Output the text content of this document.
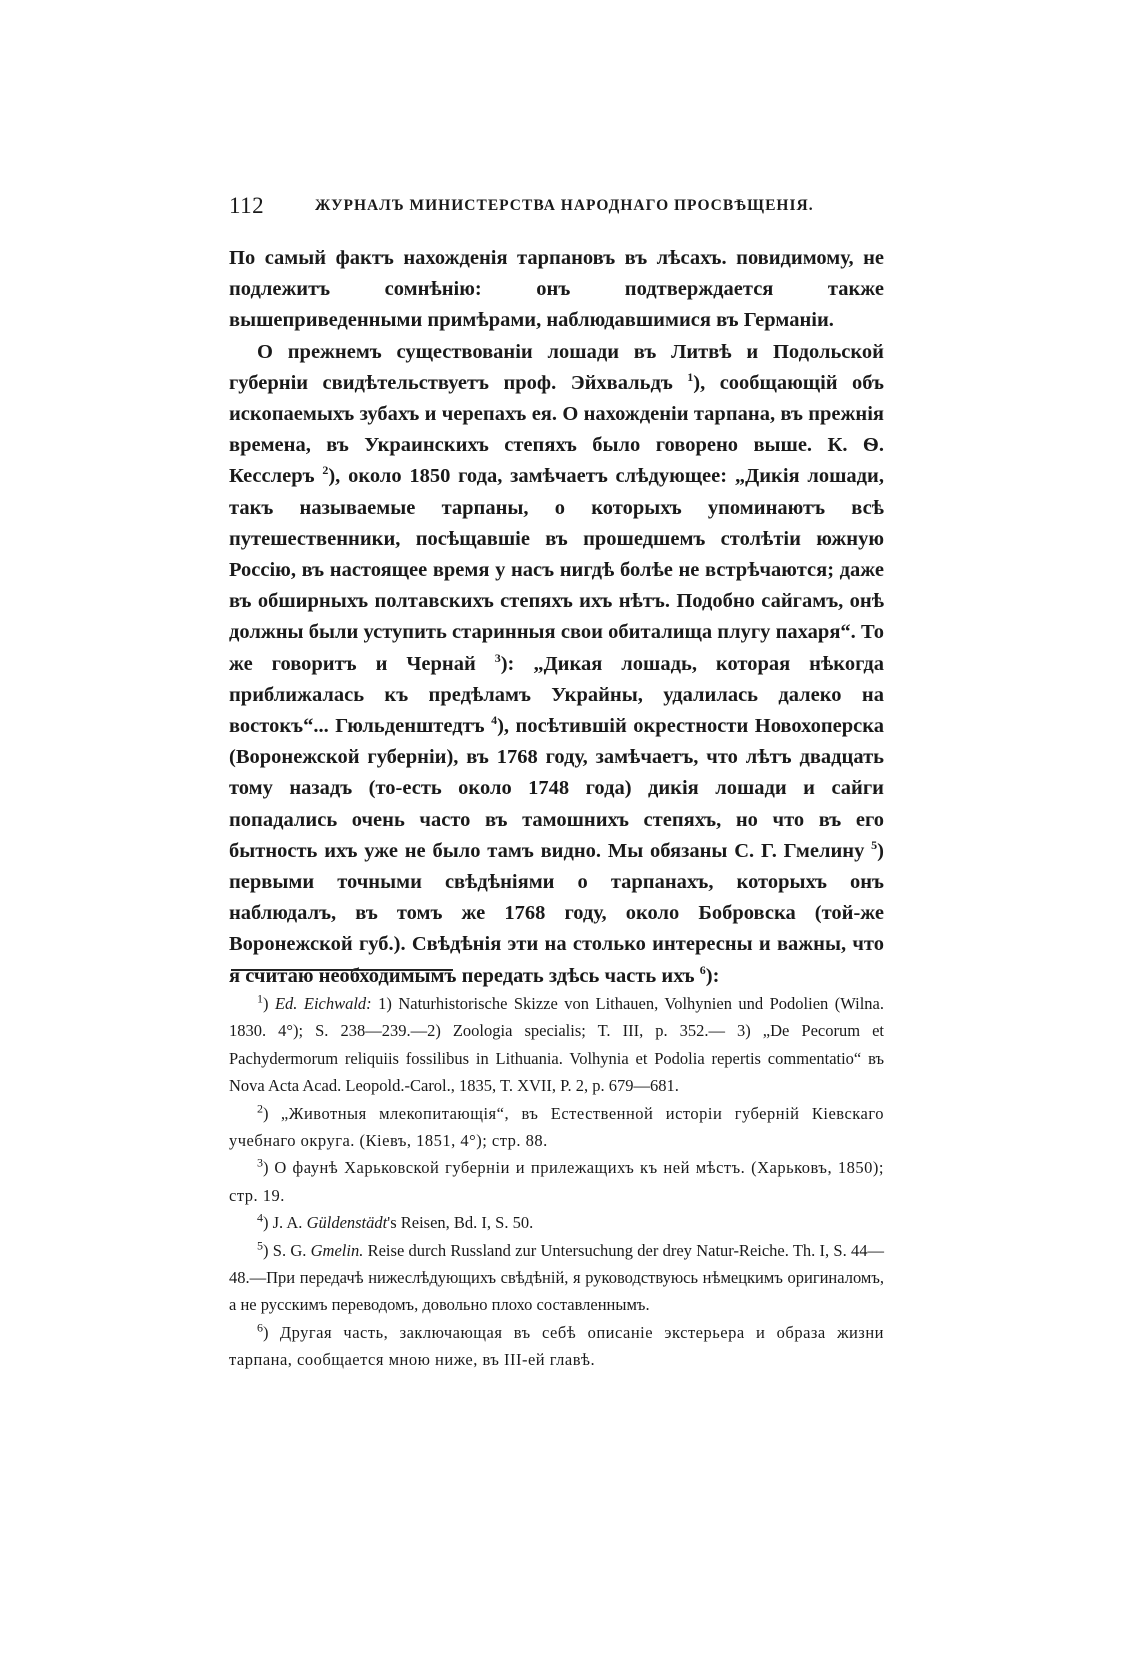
112	ЖУРНАЛЪ МИНИСТЕРСТВА НАРОДНАГО ПРОСВѢЩЕНІЯ.

По самый фактъ нахожденія тарпановъ въ лѣсахъ. повидимому, не подлежитъ сомнѣнію: онъ подтверждается также вышеприведенными примѣрами, наблюдавшимися въ Германіи.

О прежнемъ существованіи лошади въ Литвѣ и Подольской губерніи свидѣтельствуетъ проф. Эйхвальдъ $^1$), сообщающій объ ископаемыхъ зубахъ и черепахъ ея. О нахожденіи тарпана, въ прежнія времена, въ Украинскихъ степяхъ было говорено выше. К. Ѳ. Кесслеръ $^2$), около 1850 года, замѣчаетъ слѣдующее: „Дикія лошади, такъ называемые тарпаны, о которыхъ упоминаютъ всѣ путешественники, посѣщавшіе въ прошедшемъ столѣтіи южную Россію, въ настоящее время у насъ нигдѣ болѣе не встрѣчаются; даже въ обширныхъ полтавскихъ степяхъ ихъ нѣтъ. Подобно сайгамъ, онѣ должны были уступить старинныя свои обиталища плугу пахаря“. То же говоритъ и Чернай $^3$): „Дикая лошадь, которая нѣкогда приближалась къ предѣламъ Украйны, удалилась далеко на востокъ“... Гюльденштедтъ $^4$), посѣтившій окрестности Новохоперска (Воронежской губерніи), въ 1768 году, замѣчаетъ, что лѣтъ двадцать тому назадъ (то-есть около 1748 года) дикія лошади и сайги попадались очень часто въ тамошнихъ степяхъ, но что въ его бытность ихъ уже не было тамъ видно. Мы обязаны С. Г. Гмелину $^5$) первыми точными свѣдѣніями о тарпанахъ, которыхъ онъ наблюдалъ, въ томъ же 1768 году, около Бобровска (той-же Воронежской губ.). Свѣдѣнія эти на столько интересны и важны, что я считаю необходимымъ передать здѣсь часть ихъ $^6$):

$^1$) Ed. Eichwald: 1) Naturhistorische Skizze von Lithauen, Volhynien und Podolien (Wilna. 1830. 4°); S. 238—239.—2) Zoologia specialis; T. III, p. 352.— 3) „De Pecorum et Pachydermorum reliquiis fossilibus in Lithuania. Volhynia et Podolia repertis commentatio“ въ Nova Acta Acad. Leopold.-Carol., 1835, T. XVII, P. 2, p. 679—681.

$^2$) „Животныя млекопитающія“, въ Естественной исторіи губерній Кіевскаго учебнаго округа. (Кіевъ, 1851, 4°); стр. 88.

$^3$) О фаунѣ Харьковской губерніи и прилежащихъ къ ней мѣстъ. (Харьковъ, 1850); стр. 19.

$^4$) J. A. Güldenstädt's Reisen, Bd. I, S. 50.

$^5$) S. G. Gmelin. Reise durch Russland zur Untersuchung der drey Natur-Reiche. Th. I, S. 44—48.—При передачѣ нижеслѣдующихъ свѣдѣній, я руководствуюсь нѣмецкимъ оригиналомъ, а не русскимъ переводомъ, довольно плохо составленнымъ.

$^6$) Другая часть, заключающая въ себѣ описаніе экстерьера и образа жизни тарпана, сообщается мною ниже, въ III-ей главѣ.
